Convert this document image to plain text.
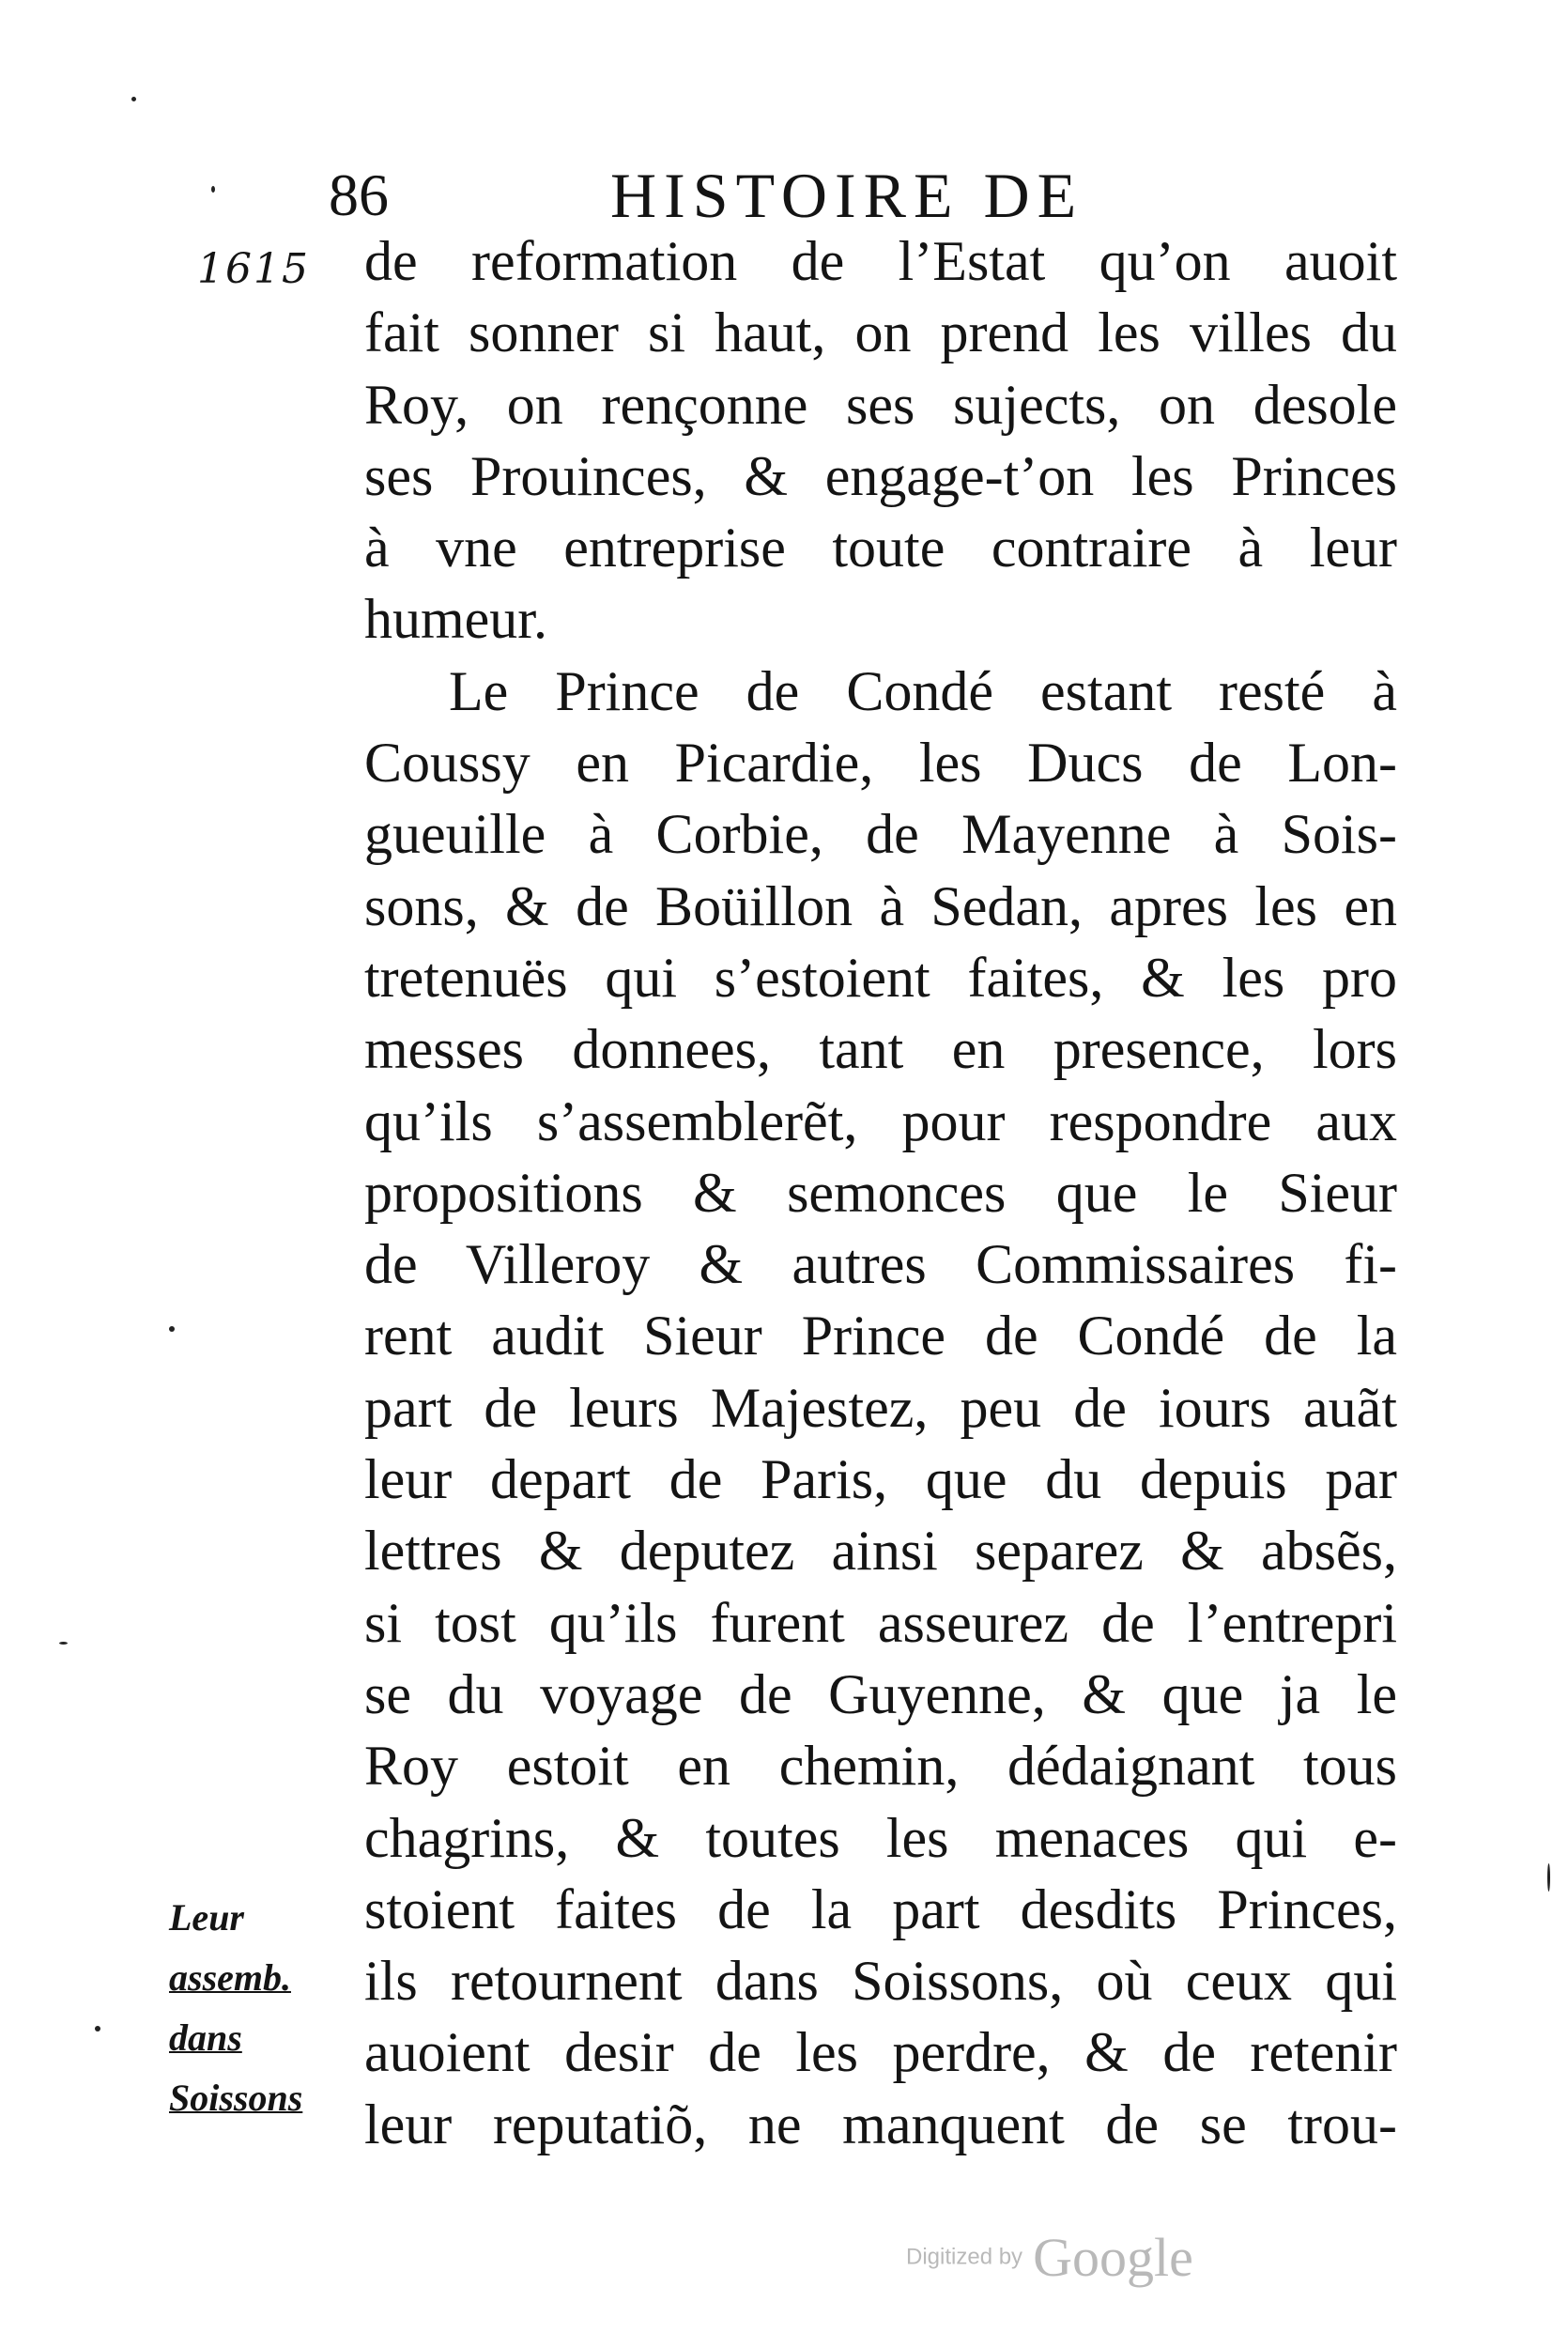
86	HISTOIRE DE
1615 de reformation de l’Estat qu’on auoit
fait sonner si haut, on prend les villes du
Roy, on rençonne ses sujects, on desole
ses Prouinces, & engage-t’on les Princes
à vne entreprise toute contraire à leur
humeur.
Le Prince de Condé estant resté à
Coussy en Picardie, les Ducs de Lon-
gueuille à Corbie, de Mayenne à Sois-
sons, & de Boüillon à Sedan, apres les en
tretenuës qui s’estoient faites, & les pro
messes donnees, tant en presence, lors
qu’ils s’assemblerẽt, pour respondre aux
propositions & semonces que le Sieur
de Villeroy & autres Commissaires fi-
rent audit Sieur Prince de Condé de la
part de leurs Majestez, peu de iours auãt
leur depart de Paris, que du depuis par
lettres & deputez ainsi separez & absẽs,
si tost qu’ils furent asseurez de l’entrepri
se du voyage de Guyenne, & que ja le
Roy estoit en chemin, dédaignant tous
chagrins, & toutes les menaces qui e-
stoient faites de la part desdits Princes,
ils retournent dans Soissons, où ceux qui
auoient desir de les perdre, & de retenir
leur reputatiõ, ne manquent de se trou-
Leur
assemb.
dans
Soissons
Digitized by Google
